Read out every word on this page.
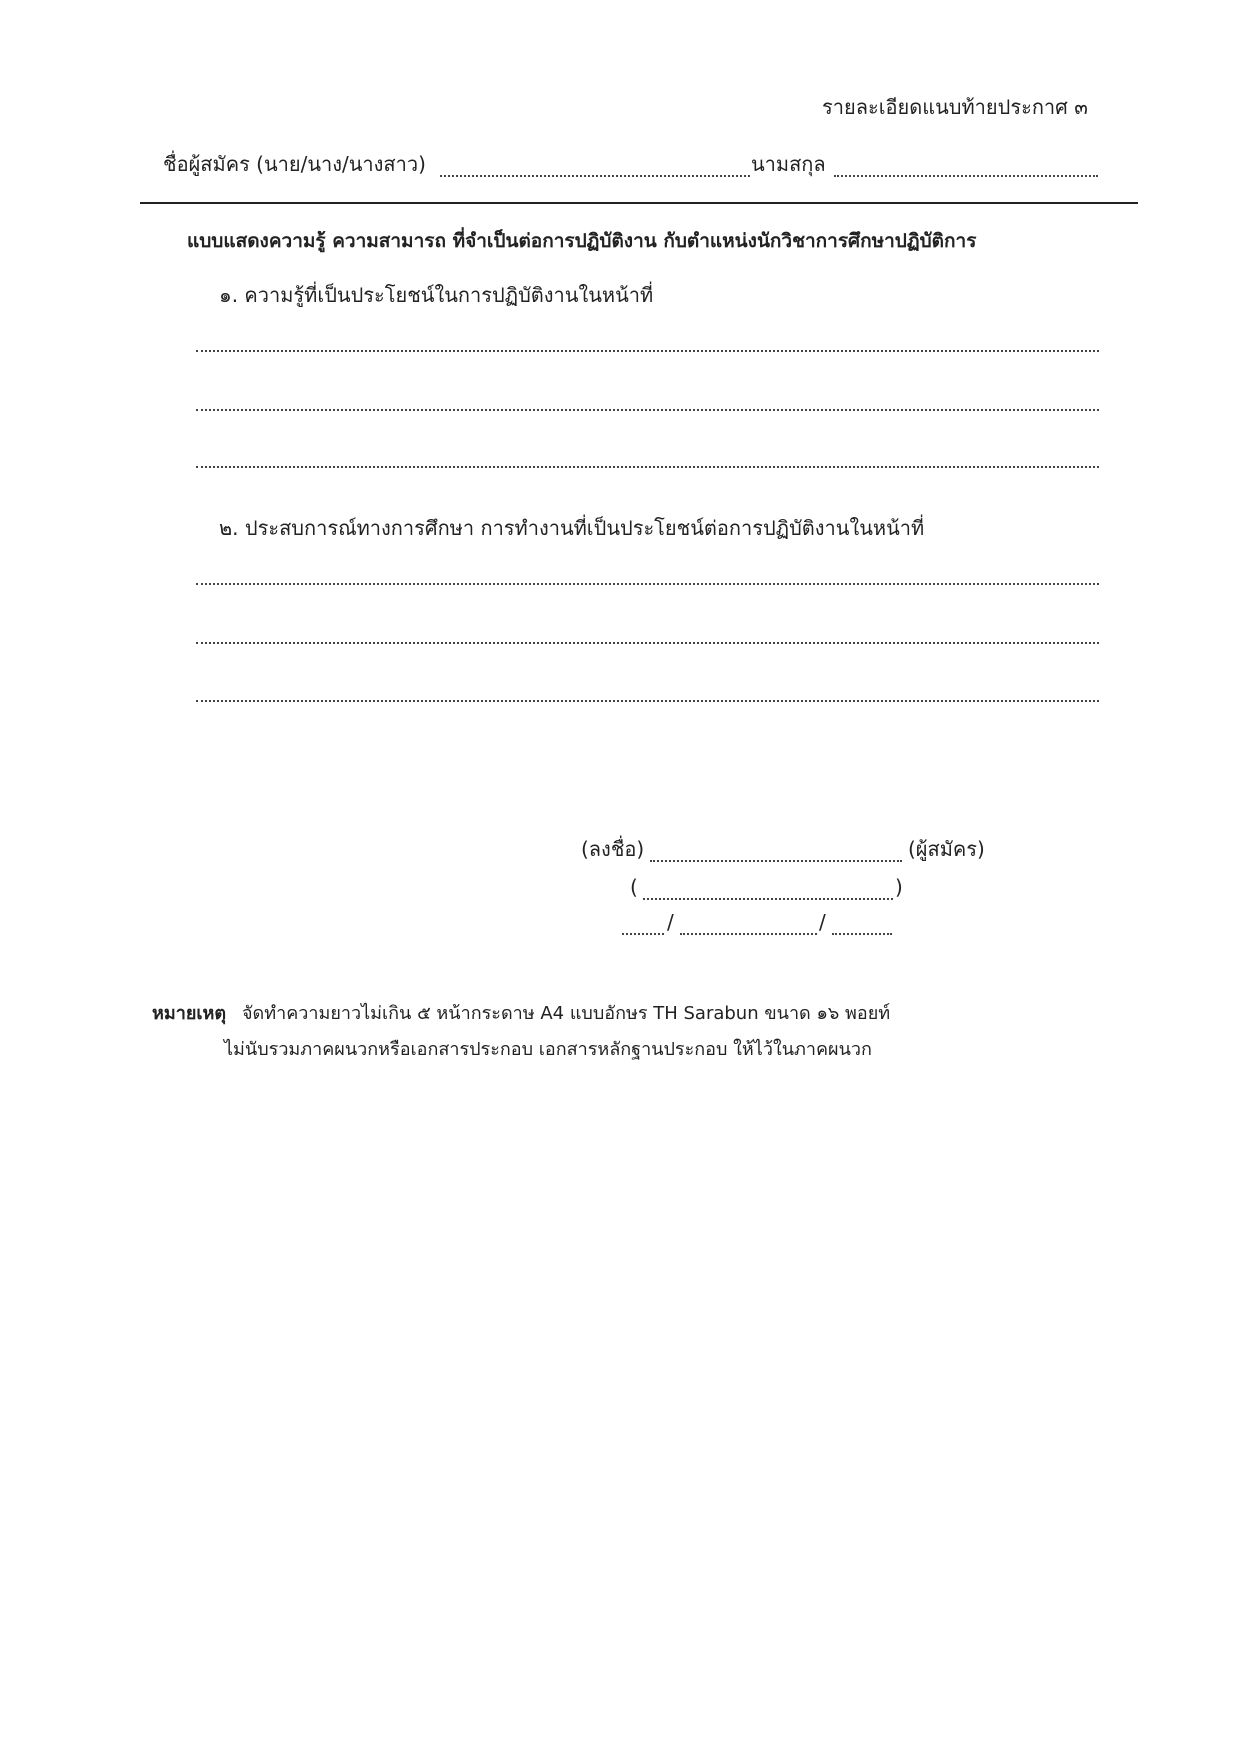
รายละเอียดแนบท้ายประกาศ ๓
ชื่อผู้สมัคร (นาย/นาง/นางสาว)	นามสกุล
แบบแสดงความรู้ ความสามารถ ที่จำเป็นต่อการปฏิบัติงาน กับตำแหน่งนักวิชาการศึกษาปฏิบัติการ
๑. ความรู้ที่เป็นประโยชน์ในการปฏิบัติงานในหน้าที่
๒. ประสบการณ์ทางการศึกษา การทำงานที่เป็นประโยชน์ต่อการปฏิบัติงานในหน้าที่
(ลงชื่อ)	(ผู้สมัคร)
(	)
/	/
หมายเหตุ จัดทำความยาวไม่เกิน ๕ หน้ากระดาษ A4 แบบอักษร TH Sarabun ขนาด ๑๖ พอยท์
ไม่นับรวมภาคผนวกหรือเอกสารประกอบ เอกสารหลักฐานประกอบ ให้ไว้ในภาคผนวก
